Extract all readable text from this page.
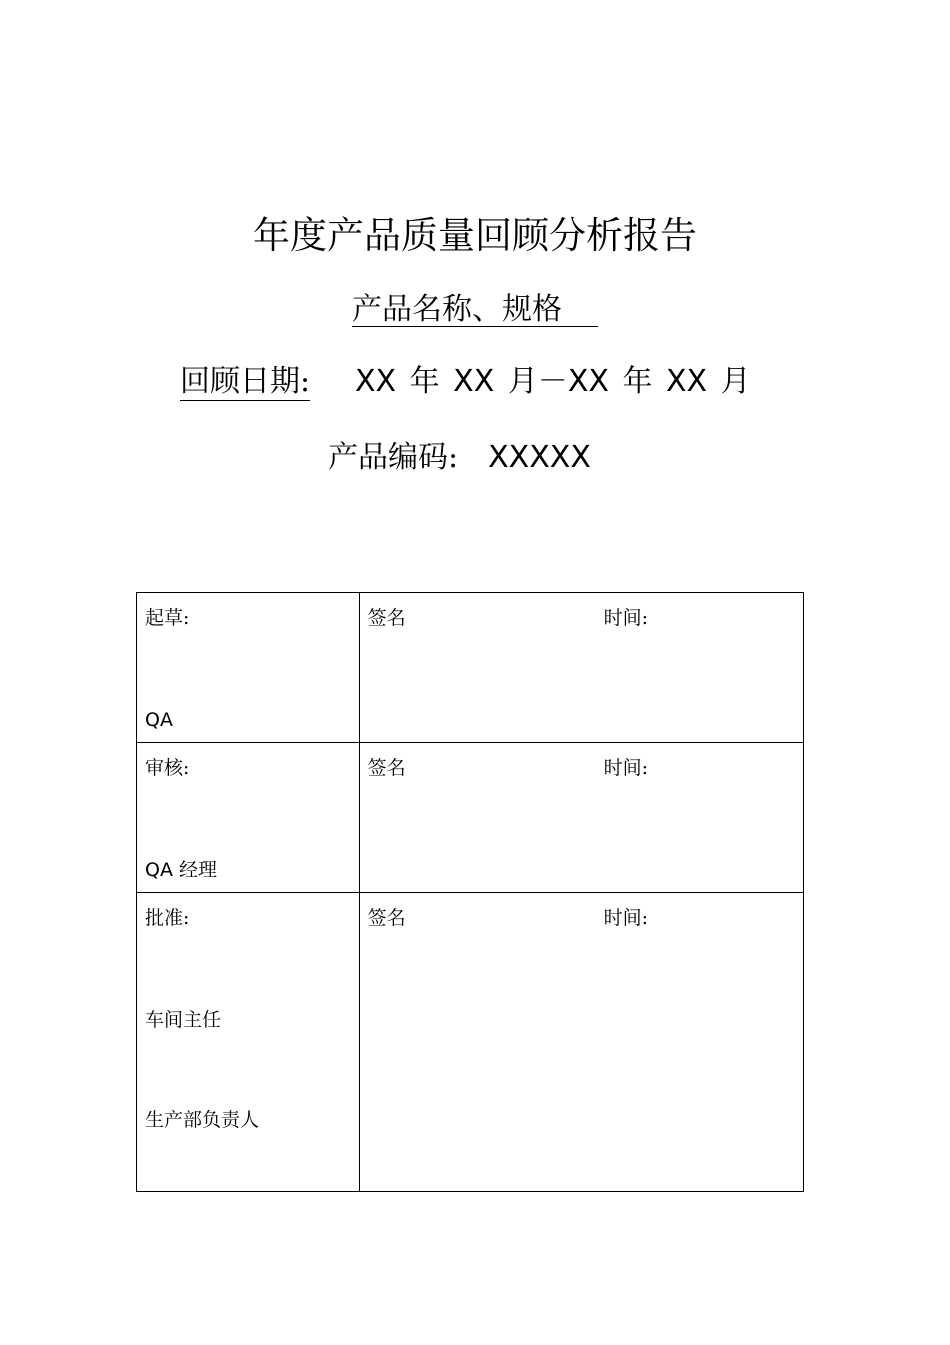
年度产品质量回顾分析报告
产品名称、规格
回顾日期: XX 年 XX 月－XX 年 XX 月
产品编码: XXXXX
起草:
QA	签名 时间:

审核:
QA 经理	签名 时间:

批准:
车间主任
生产部负责人	签名 时间:
